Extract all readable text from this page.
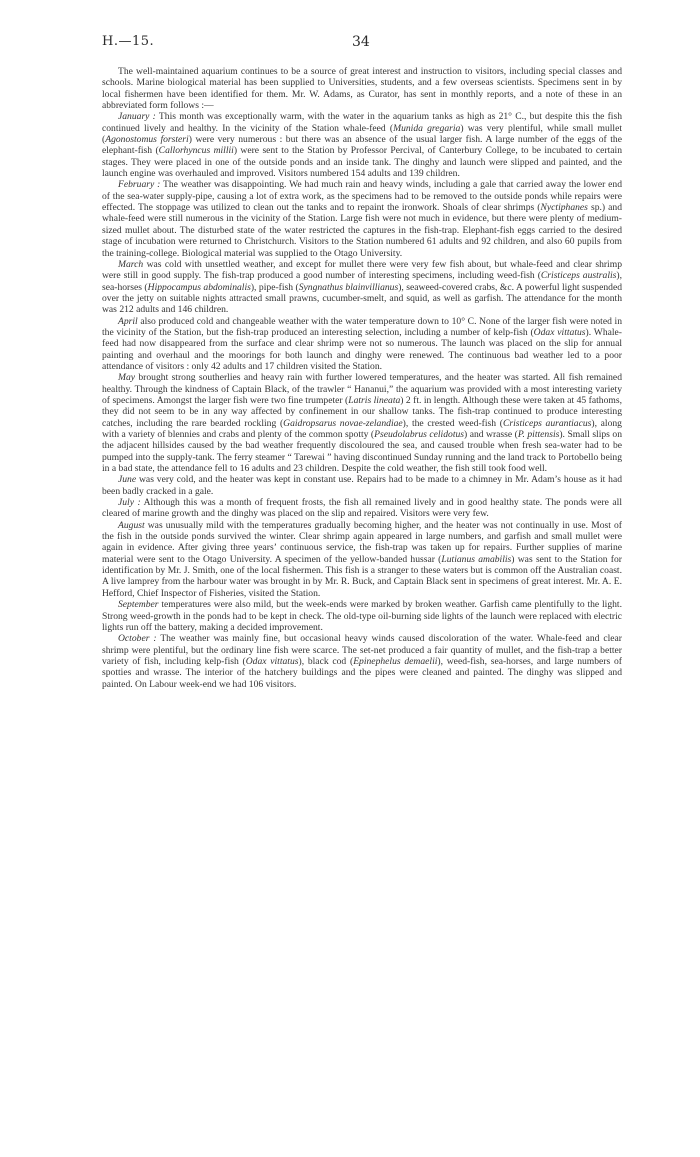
H.—15.	34

The well-maintained aquarium continues to be a source of great interest and instruction to visitors, including special classes and schools. Marine biological material has been supplied to Universities, students, and a few overseas scientists. Specimens sent in by local fishermen have been identified for them. Mr. W. Adams, as Curator, has sent in monthly reports, and a note of these in an abbreviated form follows :—

January : This month was exceptionally warm, with the water in the aquarium tanks as high as 21° C., but despite this the fish continued lively and healthy. In the vicinity of the Station whale-feed (Munida gregaria) was very plentiful, while small mullet (Agonostomus forsteri) were very numerous : but there was an absence of the usual larger fish. A large number of the eggs of the elephant-fish (Callorhyncus millii) were sent to the Station by Professor Percival, of Canterbury College, to be incubated to certain stages. They were placed in one of the outside ponds and an inside tank. The dinghy and launch were slipped and painted, and the launch engine was overhauled and improved. Visitors numbered 154 adults and 139 children.

February : The weather was disappointing. We had much rain and heavy winds, including a gale that carried away the lower end of the sea-water supply-pipe, causing a lot of extra work, as the specimens had to be removed to the outside ponds while repairs were effected. The stoppage was utilized to clean out the tanks and to repaint the ironwork. Shoals of clear shrimps (Nyctiphanes sp.) and whale-feed were still numerous in the vicinity of the Station. Large fish were not much in evidence, but there were plenty of medium-sized mullet about. The disturbed state of the water restricted the captures in the fish-trap. Elephant-fish eggs carried to the desired stage of incubation were returned to Christchurch. Visitors to the Station numbered 61 adults and 92 children, and also 60 pupils from the training-college. Biological material was supplied to the Otago University.

March was cold with unsettled weather, and except for mullet there were very few fish about, but whale-feed and clear shrimp were still in good supply. The fish-trap produced a good number of interesting specimens, including weed-fish (Cristiceps australis), sea-horses (Hippocampus abdominalis), pipe-fish (Syngnathus blainvillianus), seaweed-covered crabs, &c. A powerful light suspended over the jetty on suitable nights attracted small prawns, cucumber-smelt, and squid, as well as garfish. The attendance for the month was 212 adults and 146 children.

April also produced cold and changeable weather with the water temperature down to 10° C. None of the larger fish were noted in the vicinity of the Station, but the fish-trap produced an interesting selection, including a number of kelp-fish (Odax vittatus). Whale-feed had now disappeared from the surface and clear shrimp were not so numerous. The launch was placed on the slip for annual painting and overhaul and the moorings for both launch and dinghy were renewed. The continuous bad weather led to a poor attendance of visitors : only 42 adults and 17 children visited the Station.

May brought strong southerlies and heavy rain with further lowered temperatures, and the heater was started. All fish remained healthy. Through the kindness of Captain Black, of the trawler “ Hananui,” the aquarium was provided with a most interesting variety of specimens. Amongst the larger fish were two fine trumpeter (Latris lineata) 2 ft. in length. Although these were taken at 45 fathoms, they did not seem to be in any way affected by confinement in our shallow tanks. The fish-trap continued to produce interesting catches, including the rare bearded rockling (Gaidropsarus novae-zelandiae), the crested weed-fish (Cristiceps aurantiacus), along with a variety of blennies and crabs and plenty of the common spotty (Pseudolabrus celidotus) and wrasse (P. pittensis). Small slips on the adjacent hillsides caused by the bad weather frequently discoloured the sea, and caused trouble when fresh sea-water had to be pumped into the supply-tank. The ferry steamer “ Tarewai ” having discontinued Sunday running and the land track to Portobello being in a bad state, the attendance fell to 16 adults and 23 children. Despite the cold weather, the fish still took food well.

June was very cold, and the heater was kept in constant use. Repairs had to be made to a chimney in Mr. Adam’s house as it had been badly cracked in a gale.

July : Although this was a month of frequent frosts, the fish all remained lively and in good healthy state. The ponds were all cleared of marine growth and the dinghy was placed on the slip and repaired. Visitors were very few.

August was unusually mild with the temperatures gradually becoming higher, and the heater was not continually in use. Most of the fish in the outside ponds survived the winter. Clear shrimp again appeared in large numbers, and garfish and small mullet were again in evidence. After giving three years’ continuous service, the fish-trap was taken up for repairs. Further supplies of marine material were sent to the Otago University. A specimen of the yellow-banded hussar (Lutianus amabilis) was sent to the Station for identification by Mr. J. Smith, one of the local fishermen. This fish is a stranger to these waters but is common off the Australian coast. A live lamprey from the harbour water was brought in by Mr. R. Buck, and Captain Black sent in specimens of great interest. Mr. A. E. Hefford, Chief Inspector of Fisheries, visited the Station.

September temperatures were also mild, but the week-ends were marked by broken weather. Garfish came plentifully to the light. Strong weed-growth in the ponds had to be kept in check. The old-type oil-burning side lights of the launch were replaced with electric lights run off the battery, making a decided improvement.

October : The weather was mainly fine, but occasional heavy winds caused discoloration of the water. Whale-feed and clear shrimp were plentiful, but the ordinary line fish were scarce. The set-net produced a fair quantity of mullet, and the fish-trap a better variety of fish, including kelp-fish (Odax vittatus), black cod (Epinephelus demaelii), weed-fish, sea-horses, and large numbers of spotties and wrasse. The interior of the hatchery buildings and the pipes were cleaned and painted. The dinghy was slipped and painted. On Labour week-end we had 106 visitors.
